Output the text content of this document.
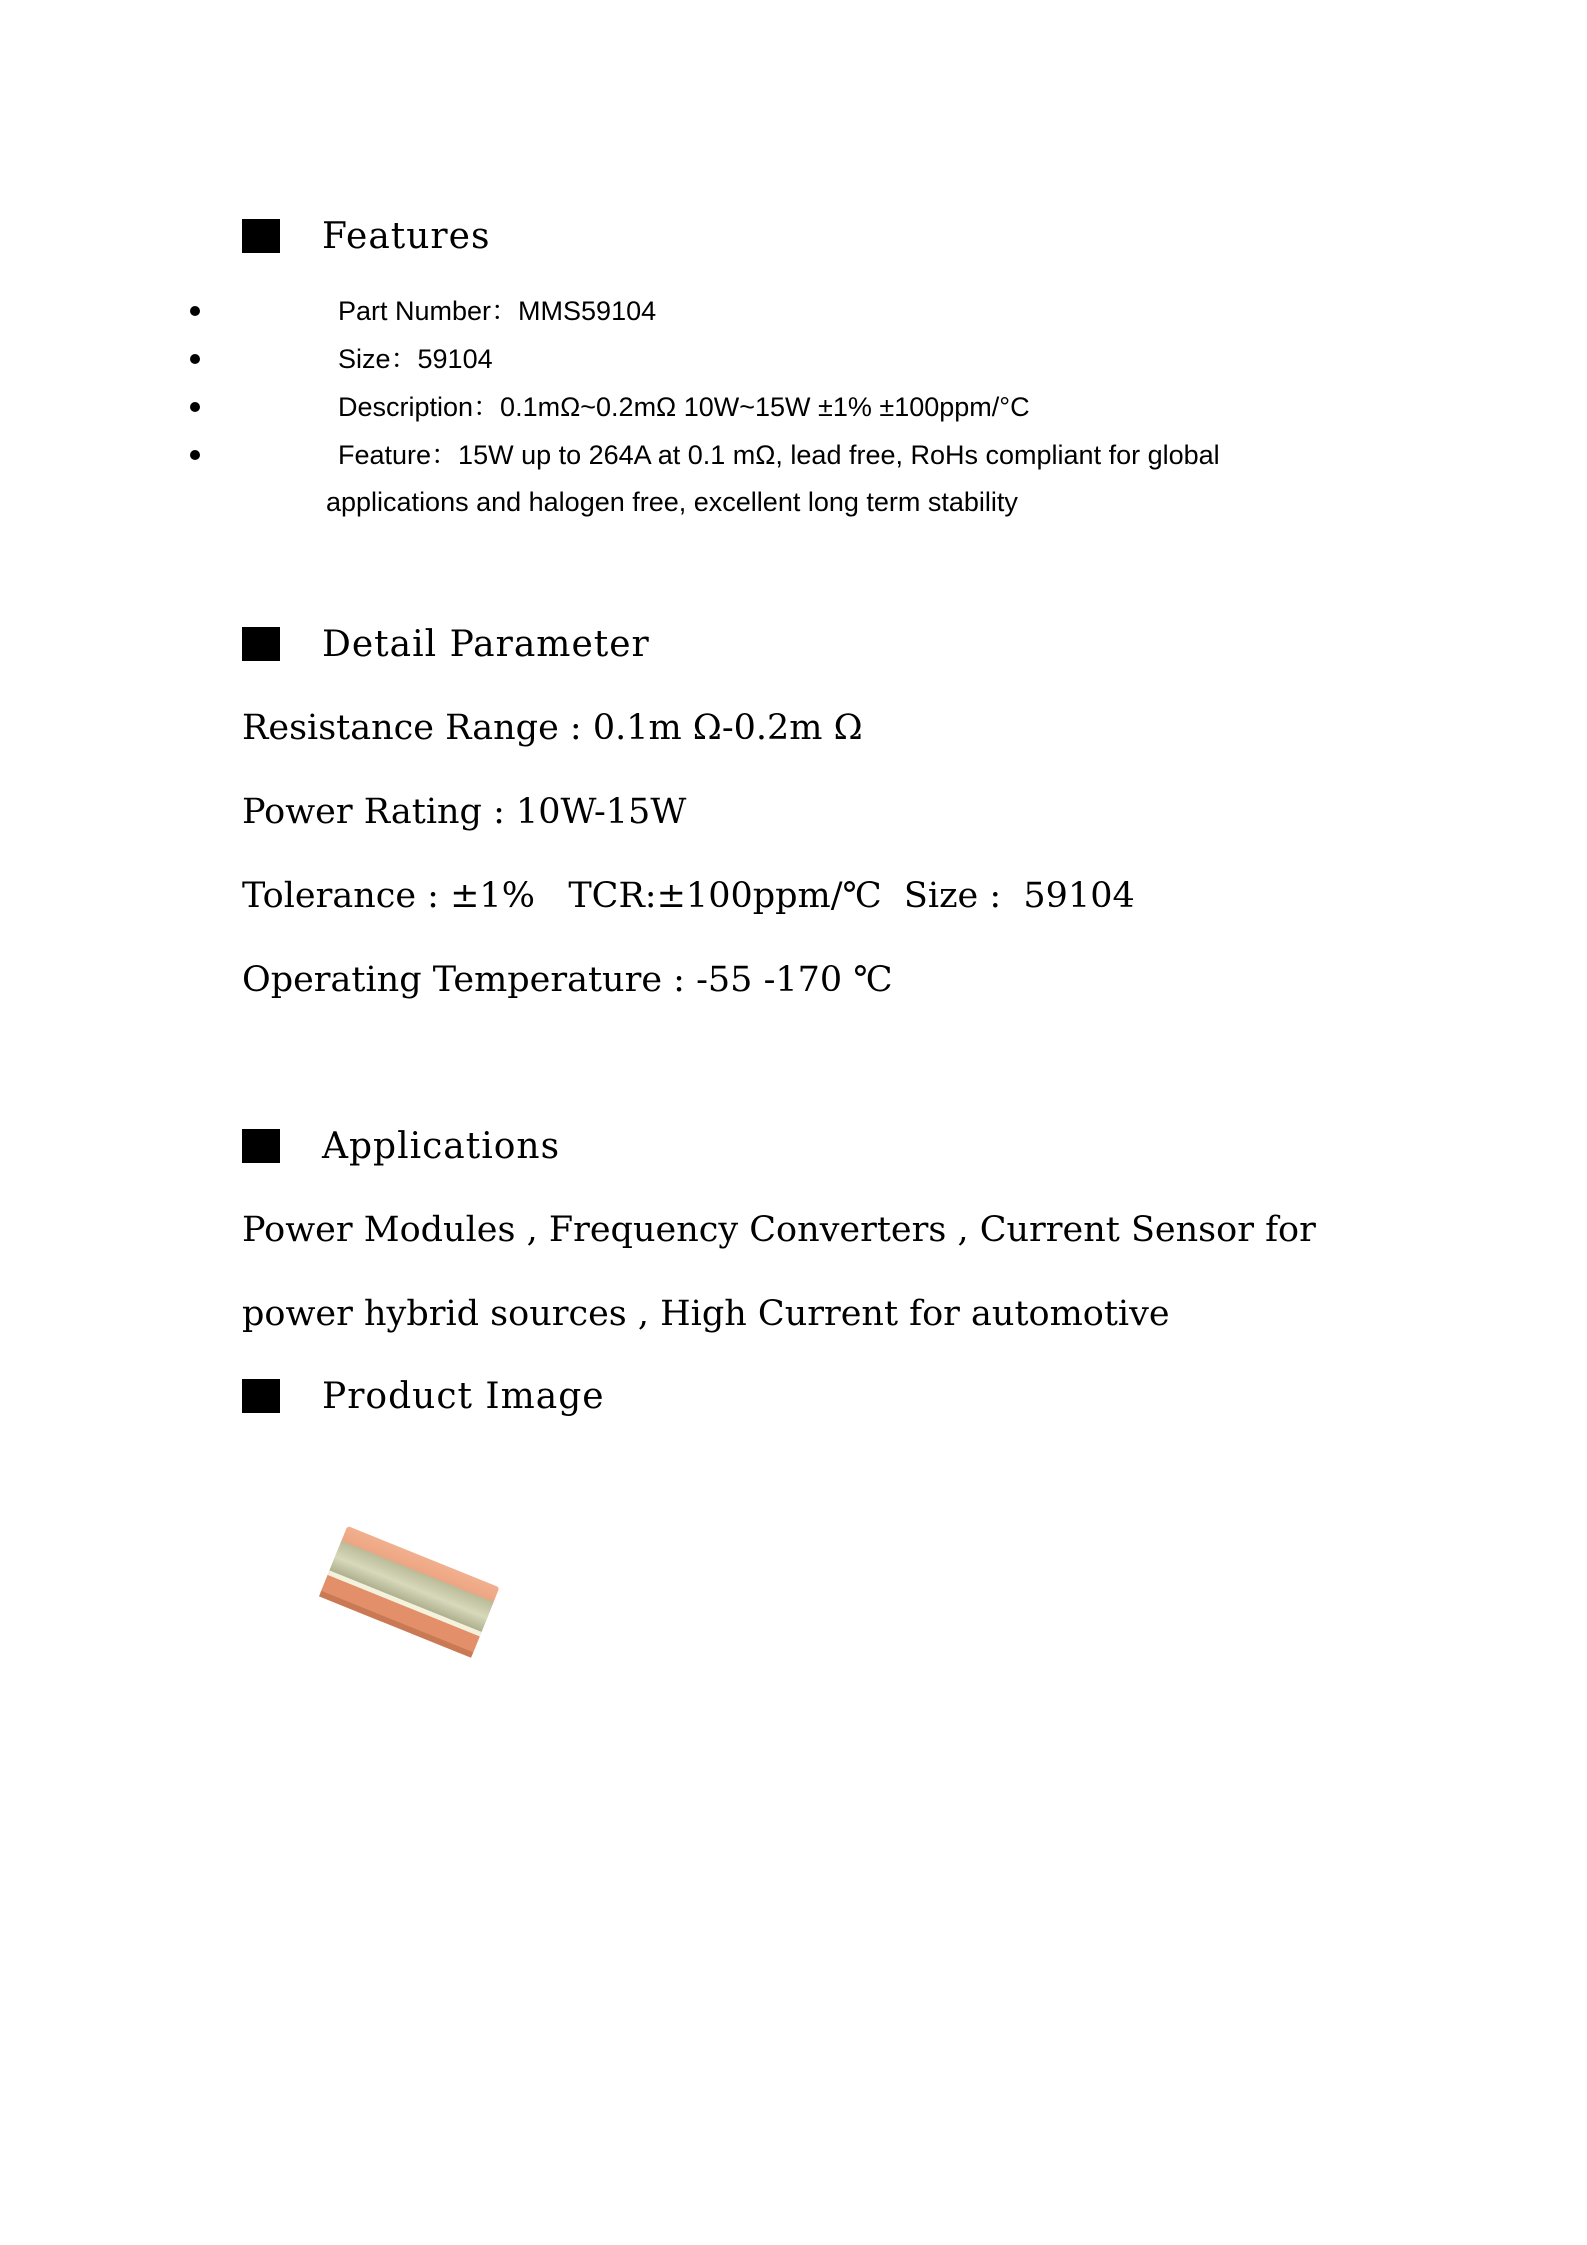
Features
Part Number：MMS59104
Size：59104
Description：0.1mΩ~0.2mΩ 10W~15W ±1% ±100ppm/°C
Feature：15W up to 264A at 0.1 mΩ, lead free, RoHs compliant for global
applications and halogen free, excellent long term stability
Detail Parameter
Resistance Range : 0.1m Ω-0.2m Ω
Power Rating : 10W-15W
Tolerance : ±1%   TCR:±100ppm/℃  Size :  59104
Operating Temperature : -55 -170 ℃
Applications
Power Modules , Frequency Converters , Current Sensor for
power hybrid sources , High Current for automotive
Product Image
